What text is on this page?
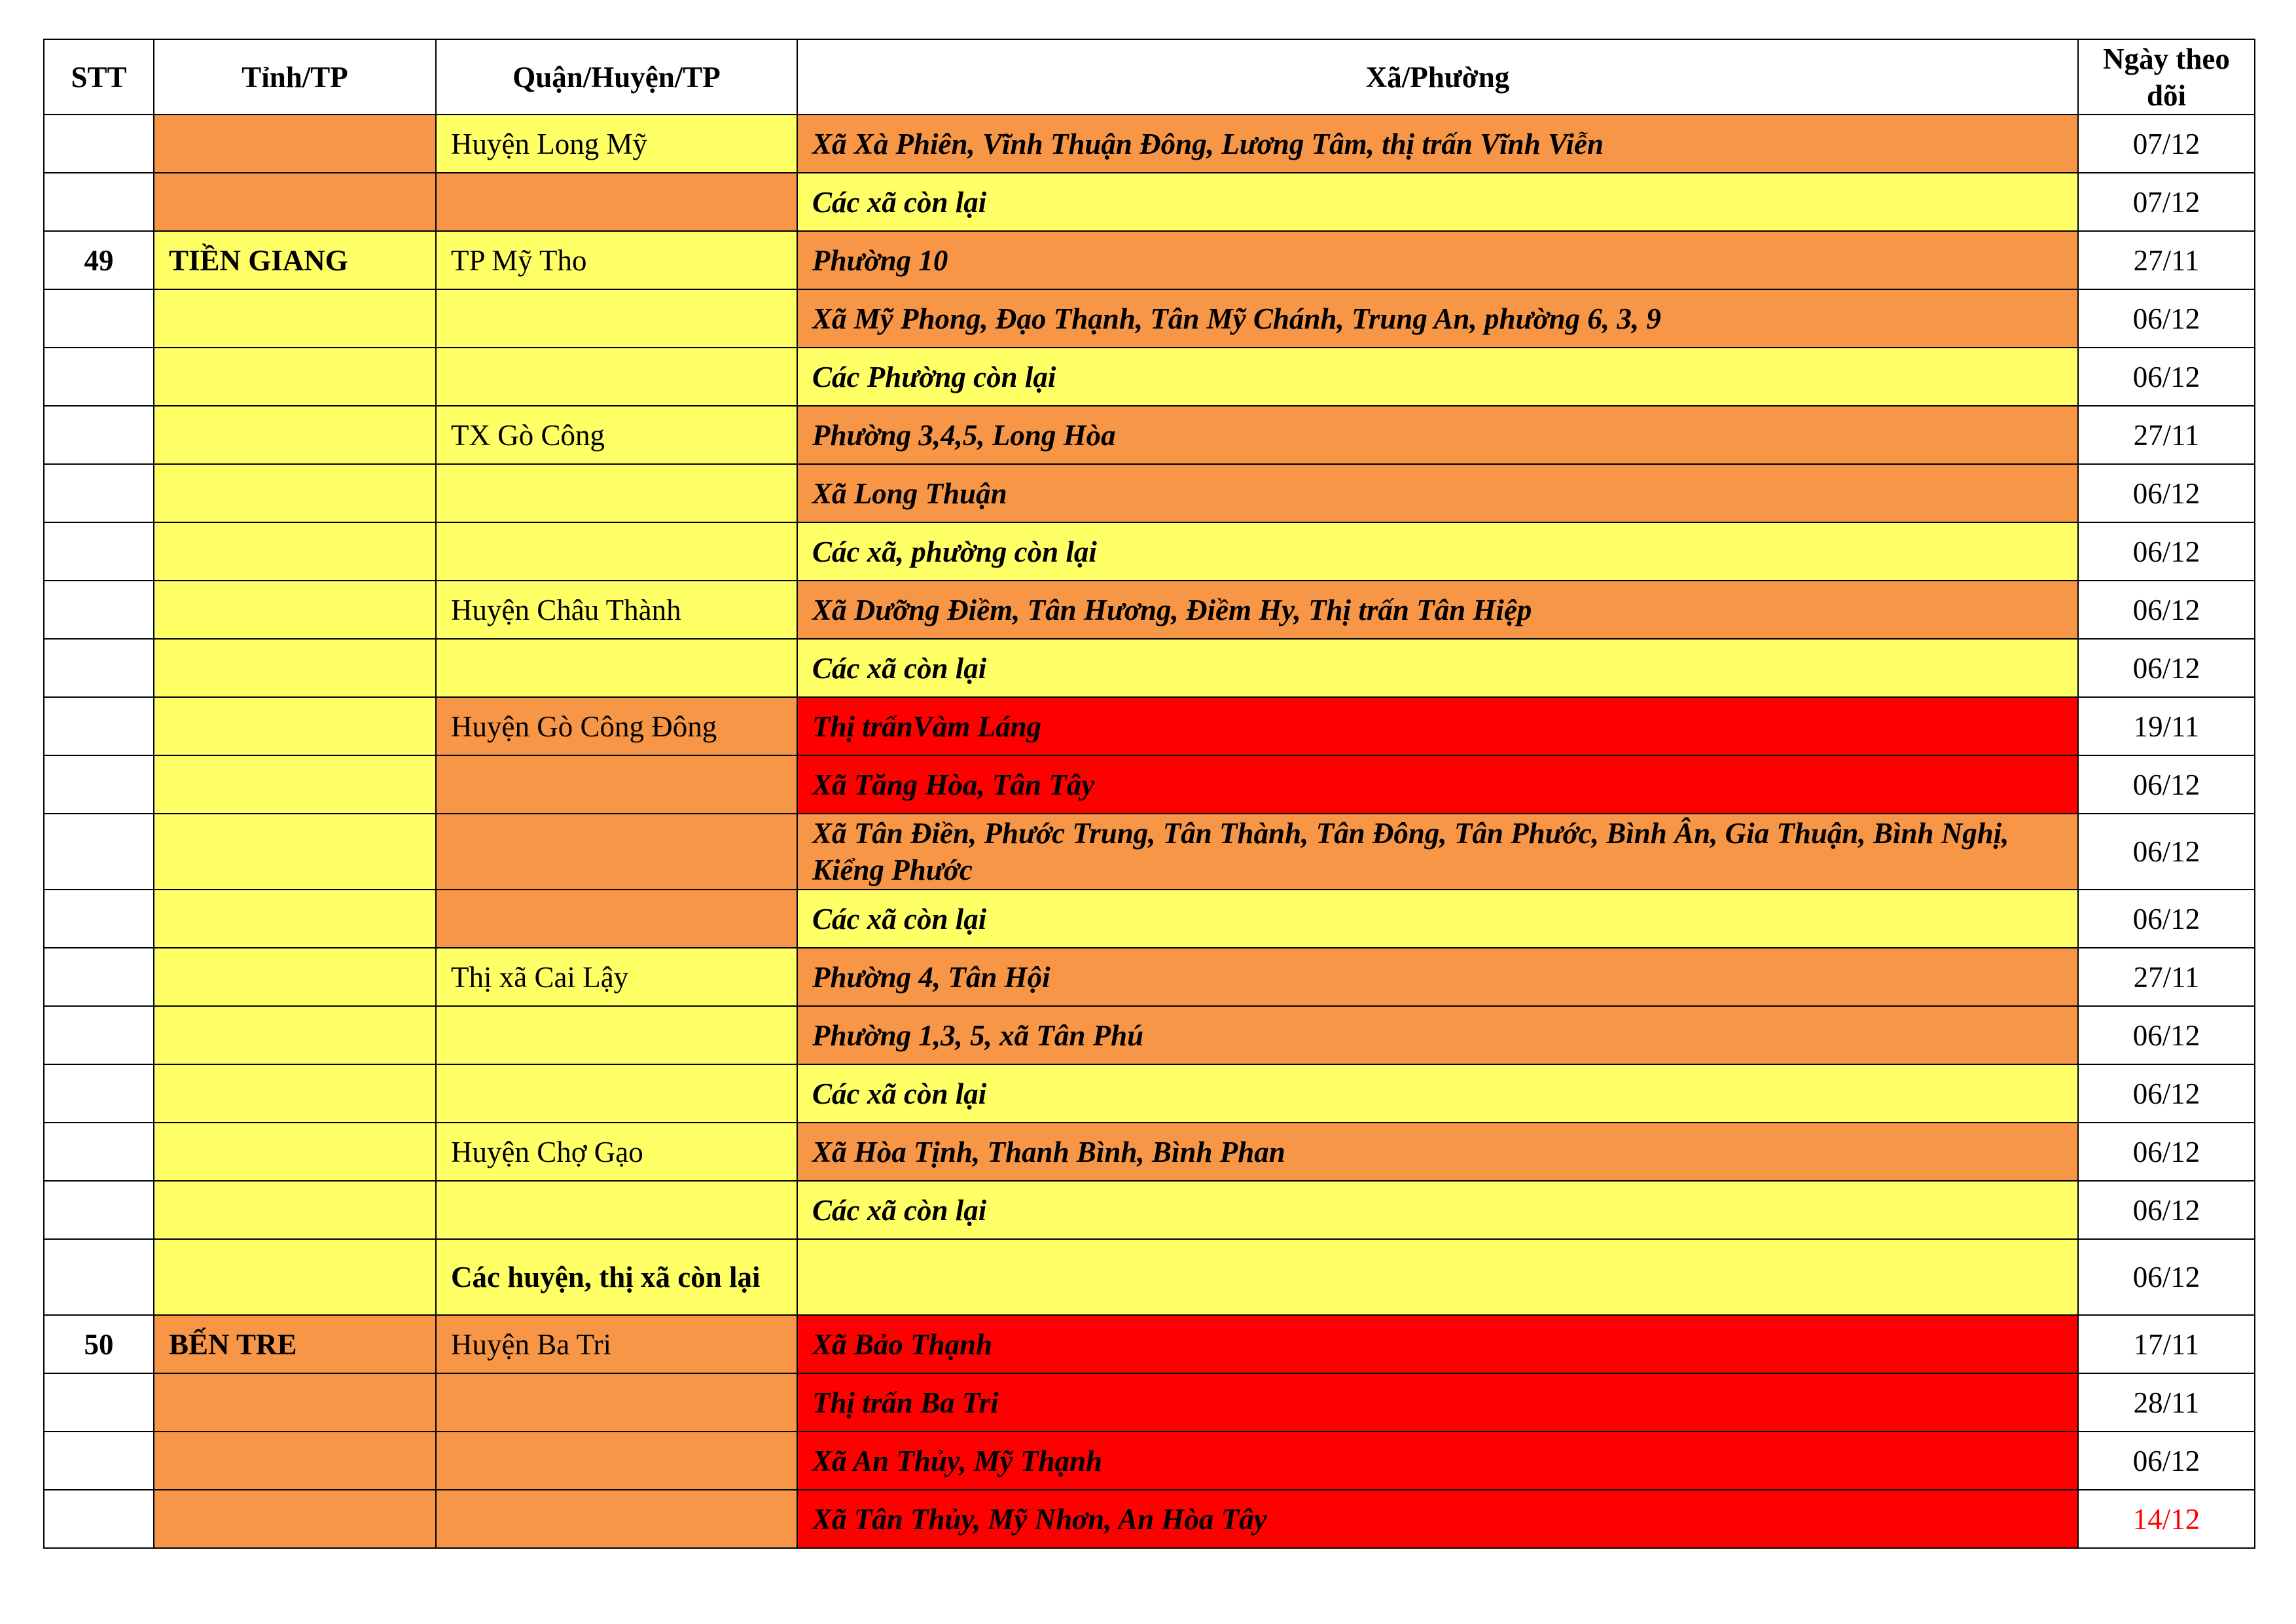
STT	Tỉnh/TP	Quận/Huyện/TP	Xã/Phường	Ngày theo dõi
		Huyện Long Mỹ	Xã Xà Phiên, Vĩnh Thuận Đông, Lương Tâm, thị trấn Vĩnh Viễn	07/12
			Các xã còn lại	07/12
49	TIỀN GIANG	TP Mỹ Tho	Phường 10	27/11
			Xã Mỹ Phong, Đạo Thạnh, Tân Mỹ Chánh, Trung An, phường 6, 3, 9	06/12
			Các Phường còn lại	06/12
		TX Gò Công	Phường 3,4,5, Long Hòa	27/11
			Xã Long Thuận	06/12
			Các xã, phường còn lại	06/12
		Huyện Châu Thành	Xã Dưỡng Điềm, Tân Hương, Điềm Hy, Thị trấn Tân Hiệp	06/12
			Các xã còn lại	06/12
		Huyện Gò Công Đông	Thị trấnVàm Láng	19/11
			Xã Tăng Hòa, Tân Tây	06/12
			Xã Tân Điền, Phước Trung, Tân Thành, Tân Đông, Tân Phước, Bình Ân, Gia Thuận, Bình Nghị, Kiểng Phước	06/12
			Các xã còn lại	06/12
		Thị xã Cai Lậy	Phường 4, Tân Hội	27/11
			Phường 1,3, 5, xã Tân Phú	06/12
			Các xã còn lại	06/12
		Huyện Chợ Gạo	Xã Hòa Tịnh, Thanh Bình, Bình Phan	06/12
			Các xã còn lại	06/12
		Các huyện, thị xã còn lại		06/12
50	BẾN TRE	Huyện Ba Tri	Xã Bảo Thạnh	17/11
			Thị trấn Ba Tri	28/11
			Xã An Thủy, Mỹ Thạnh	06/12
			Xã Tân Thủy, Mỹ Nhơn, An Hòa Tây	14/12
